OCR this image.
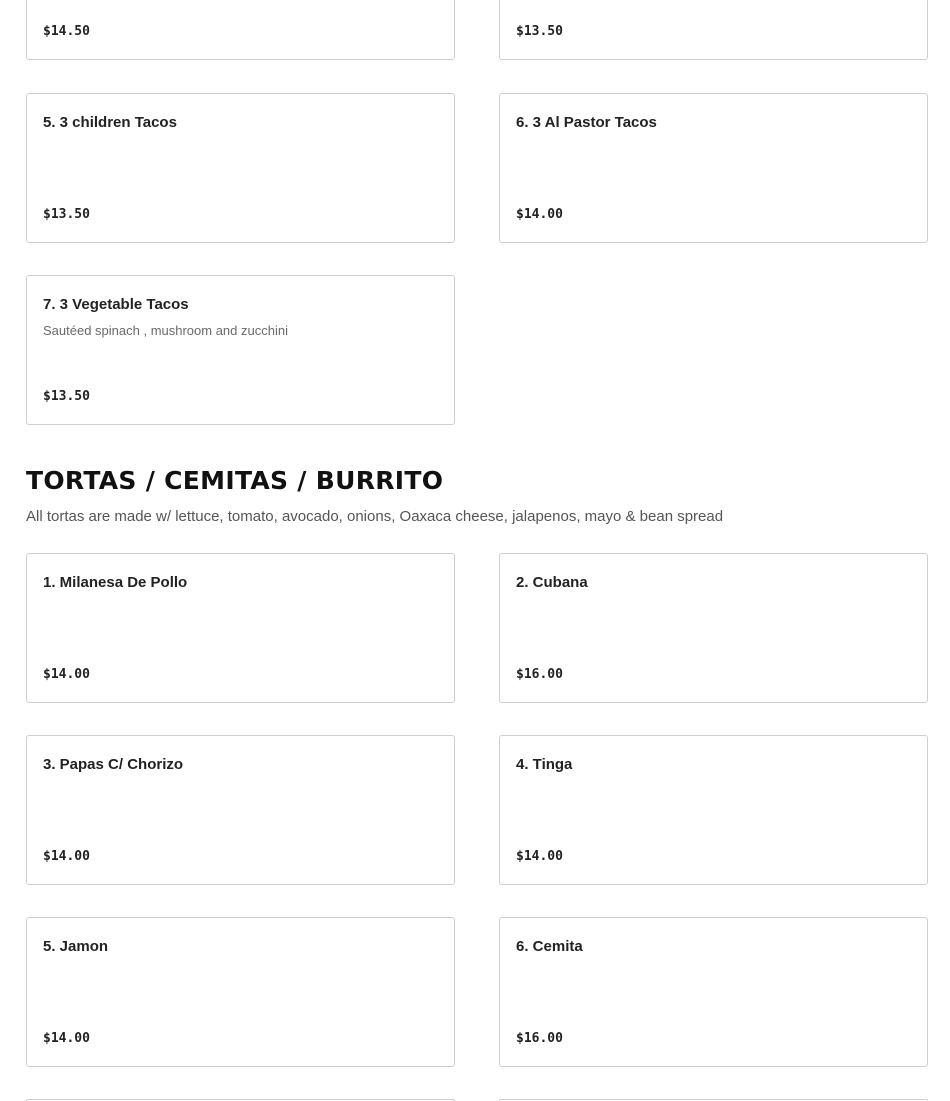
$14.50	$13.50
5. 3 children Tacos
$13.50
6. 3 Al Pastor Tacos
$14.00
7. 3 Vegetable Tacos
Sautéed spinach , mushroom and zucchini
$13.50
TORTAS / CEMITAS / BURRITO

All tortas are made w/ lettuce, tomato, avocado, onions, Oaxaca cheese, jalapenos, mayo & bean spread

1. Milanesa De Pollo
$14.00
2. Cubana
$16.00
3. Papas C/ Chorizo
$14.00
4. Tinga
$14.00
5. Jamon
$14.00
6. Cemita
$16.00
